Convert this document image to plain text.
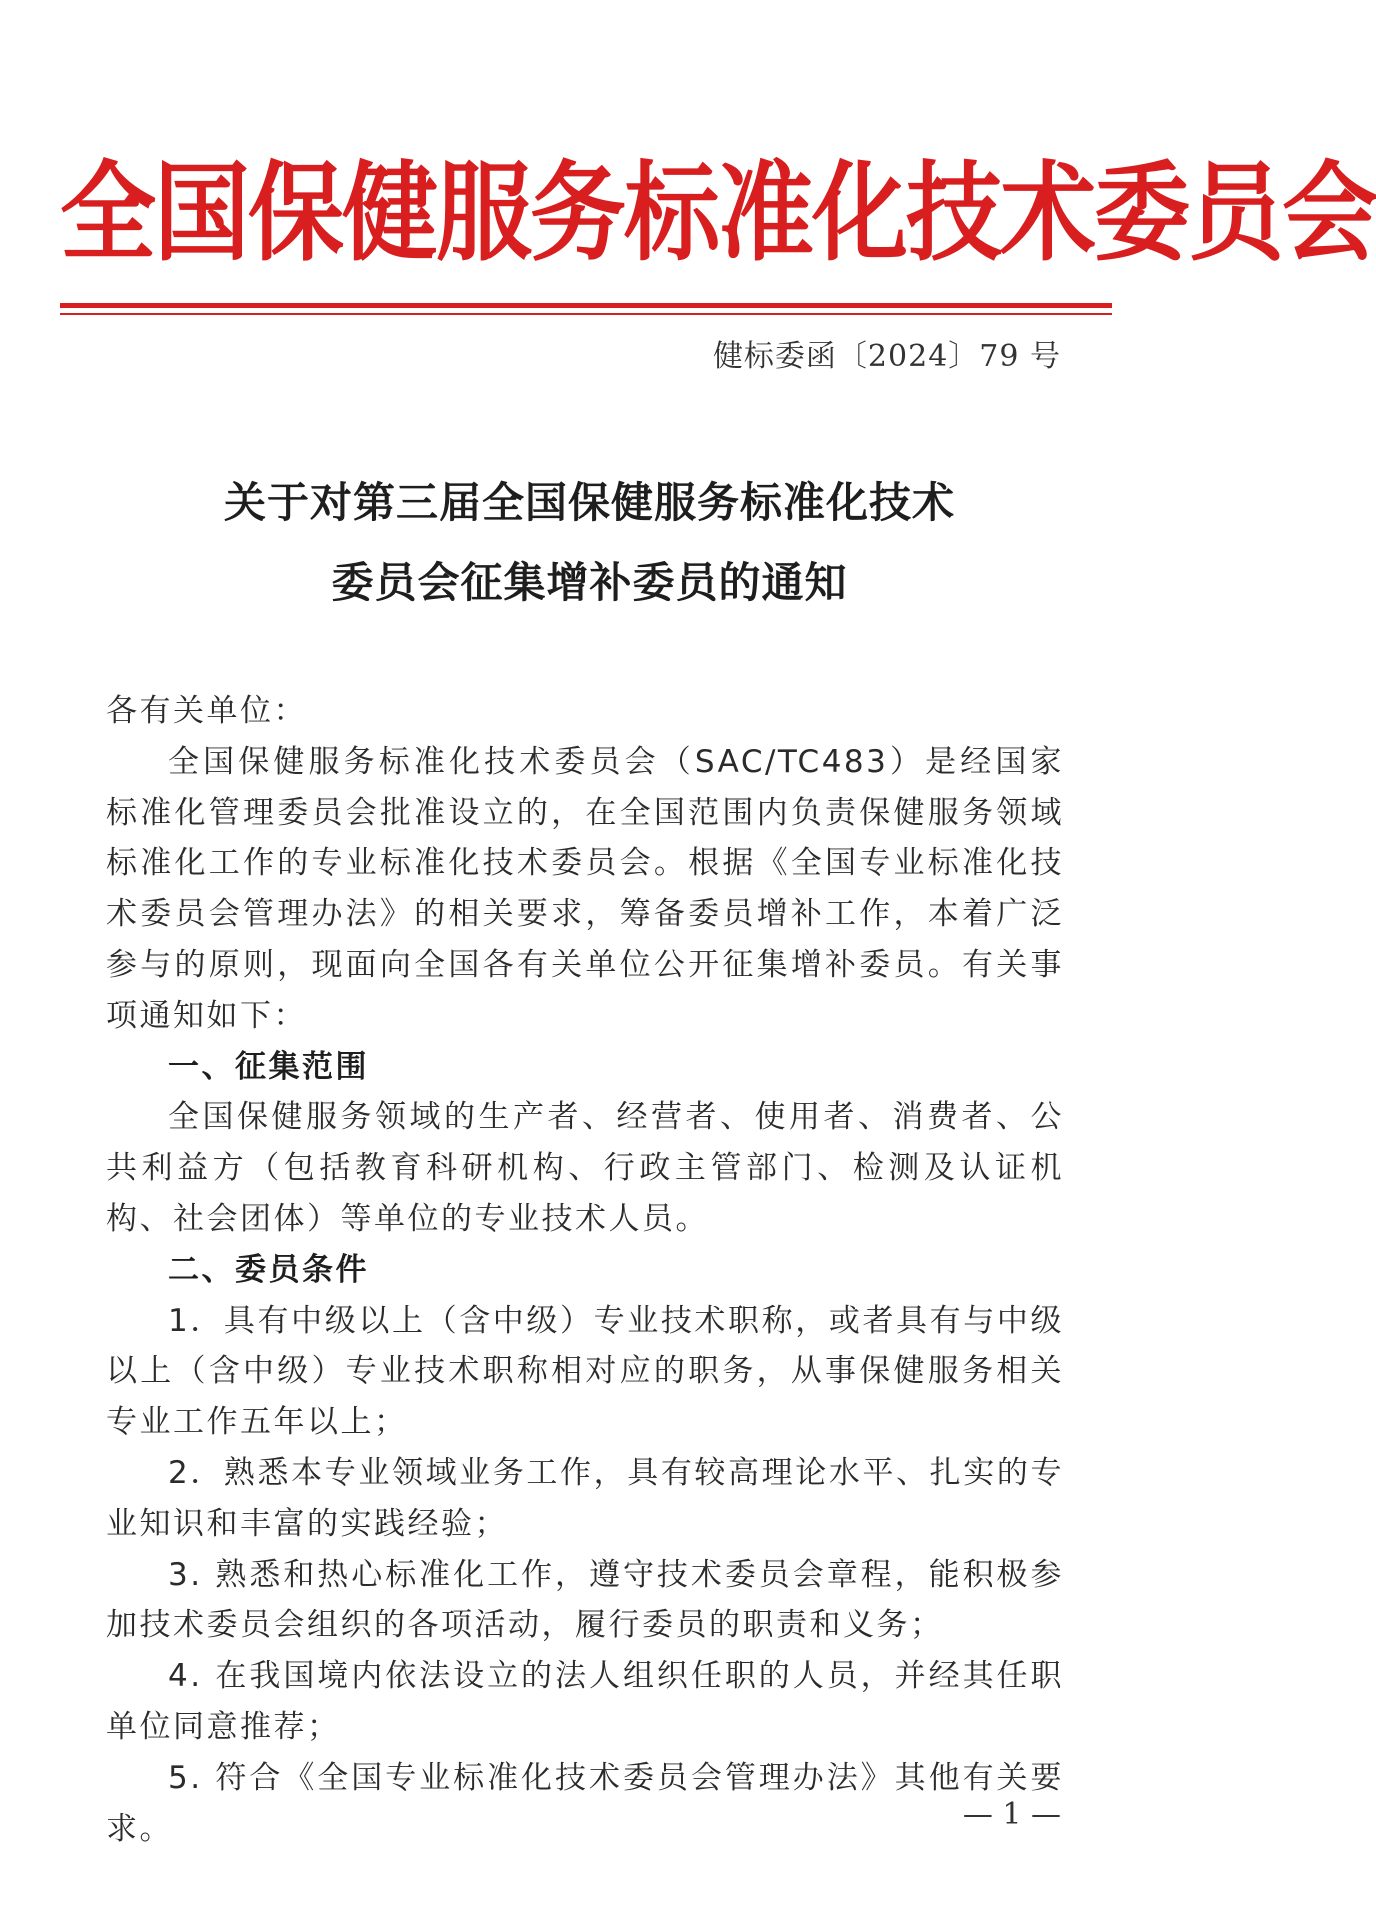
全国保健服务标准化技术委员会
健标委函〔2024〕79 号
关于对第三届全国保健服务标准化技术
委员会征集增补委员的通知

各有关单位：

全国保健服务标准化技术委员会（SAC/TC483）是经国家标准化管理委员会批准设立的，在全国范围内负责保健服务领域标准化工作的专业标准化技术委员会。根据《全国专业标准化技术委员会管理办法》的相关要求，筹备委员增补工作，本着广泛参与的原则，现面向全国各有关单位公开征集增补委员。有关事项通知如下：

一、征集范围

全国保健服务领域的生产者、经营者、使用者、消费者、公共利益方（包括教育科研机构、行政主管部门、检测及认证机构、社会团体）等单位的专业技术人员。

二、委员条件

1．具有中级以上（含中级）专业技术职称，或者具有与中级以上（含中级）专业技术职称相对应的职务，从事保健服务相关专业工作五年以上；

2．熟悉本专业领域业务工作，具有较高理论水平、扎实的专业知识和丰富的实践经验；

3. 熟悉和热心标准化工作，遵守技术委员会章程，能积极参加技术委员会组织的各项活动，履行委员的职责和义务；

4. 在我国境内依法设立的法人组织任职的人员，并经其任职单位同意推荐；

5. 符合《全国专业标准化技术委员会管理办法》其他有关要求。	— 1 —
